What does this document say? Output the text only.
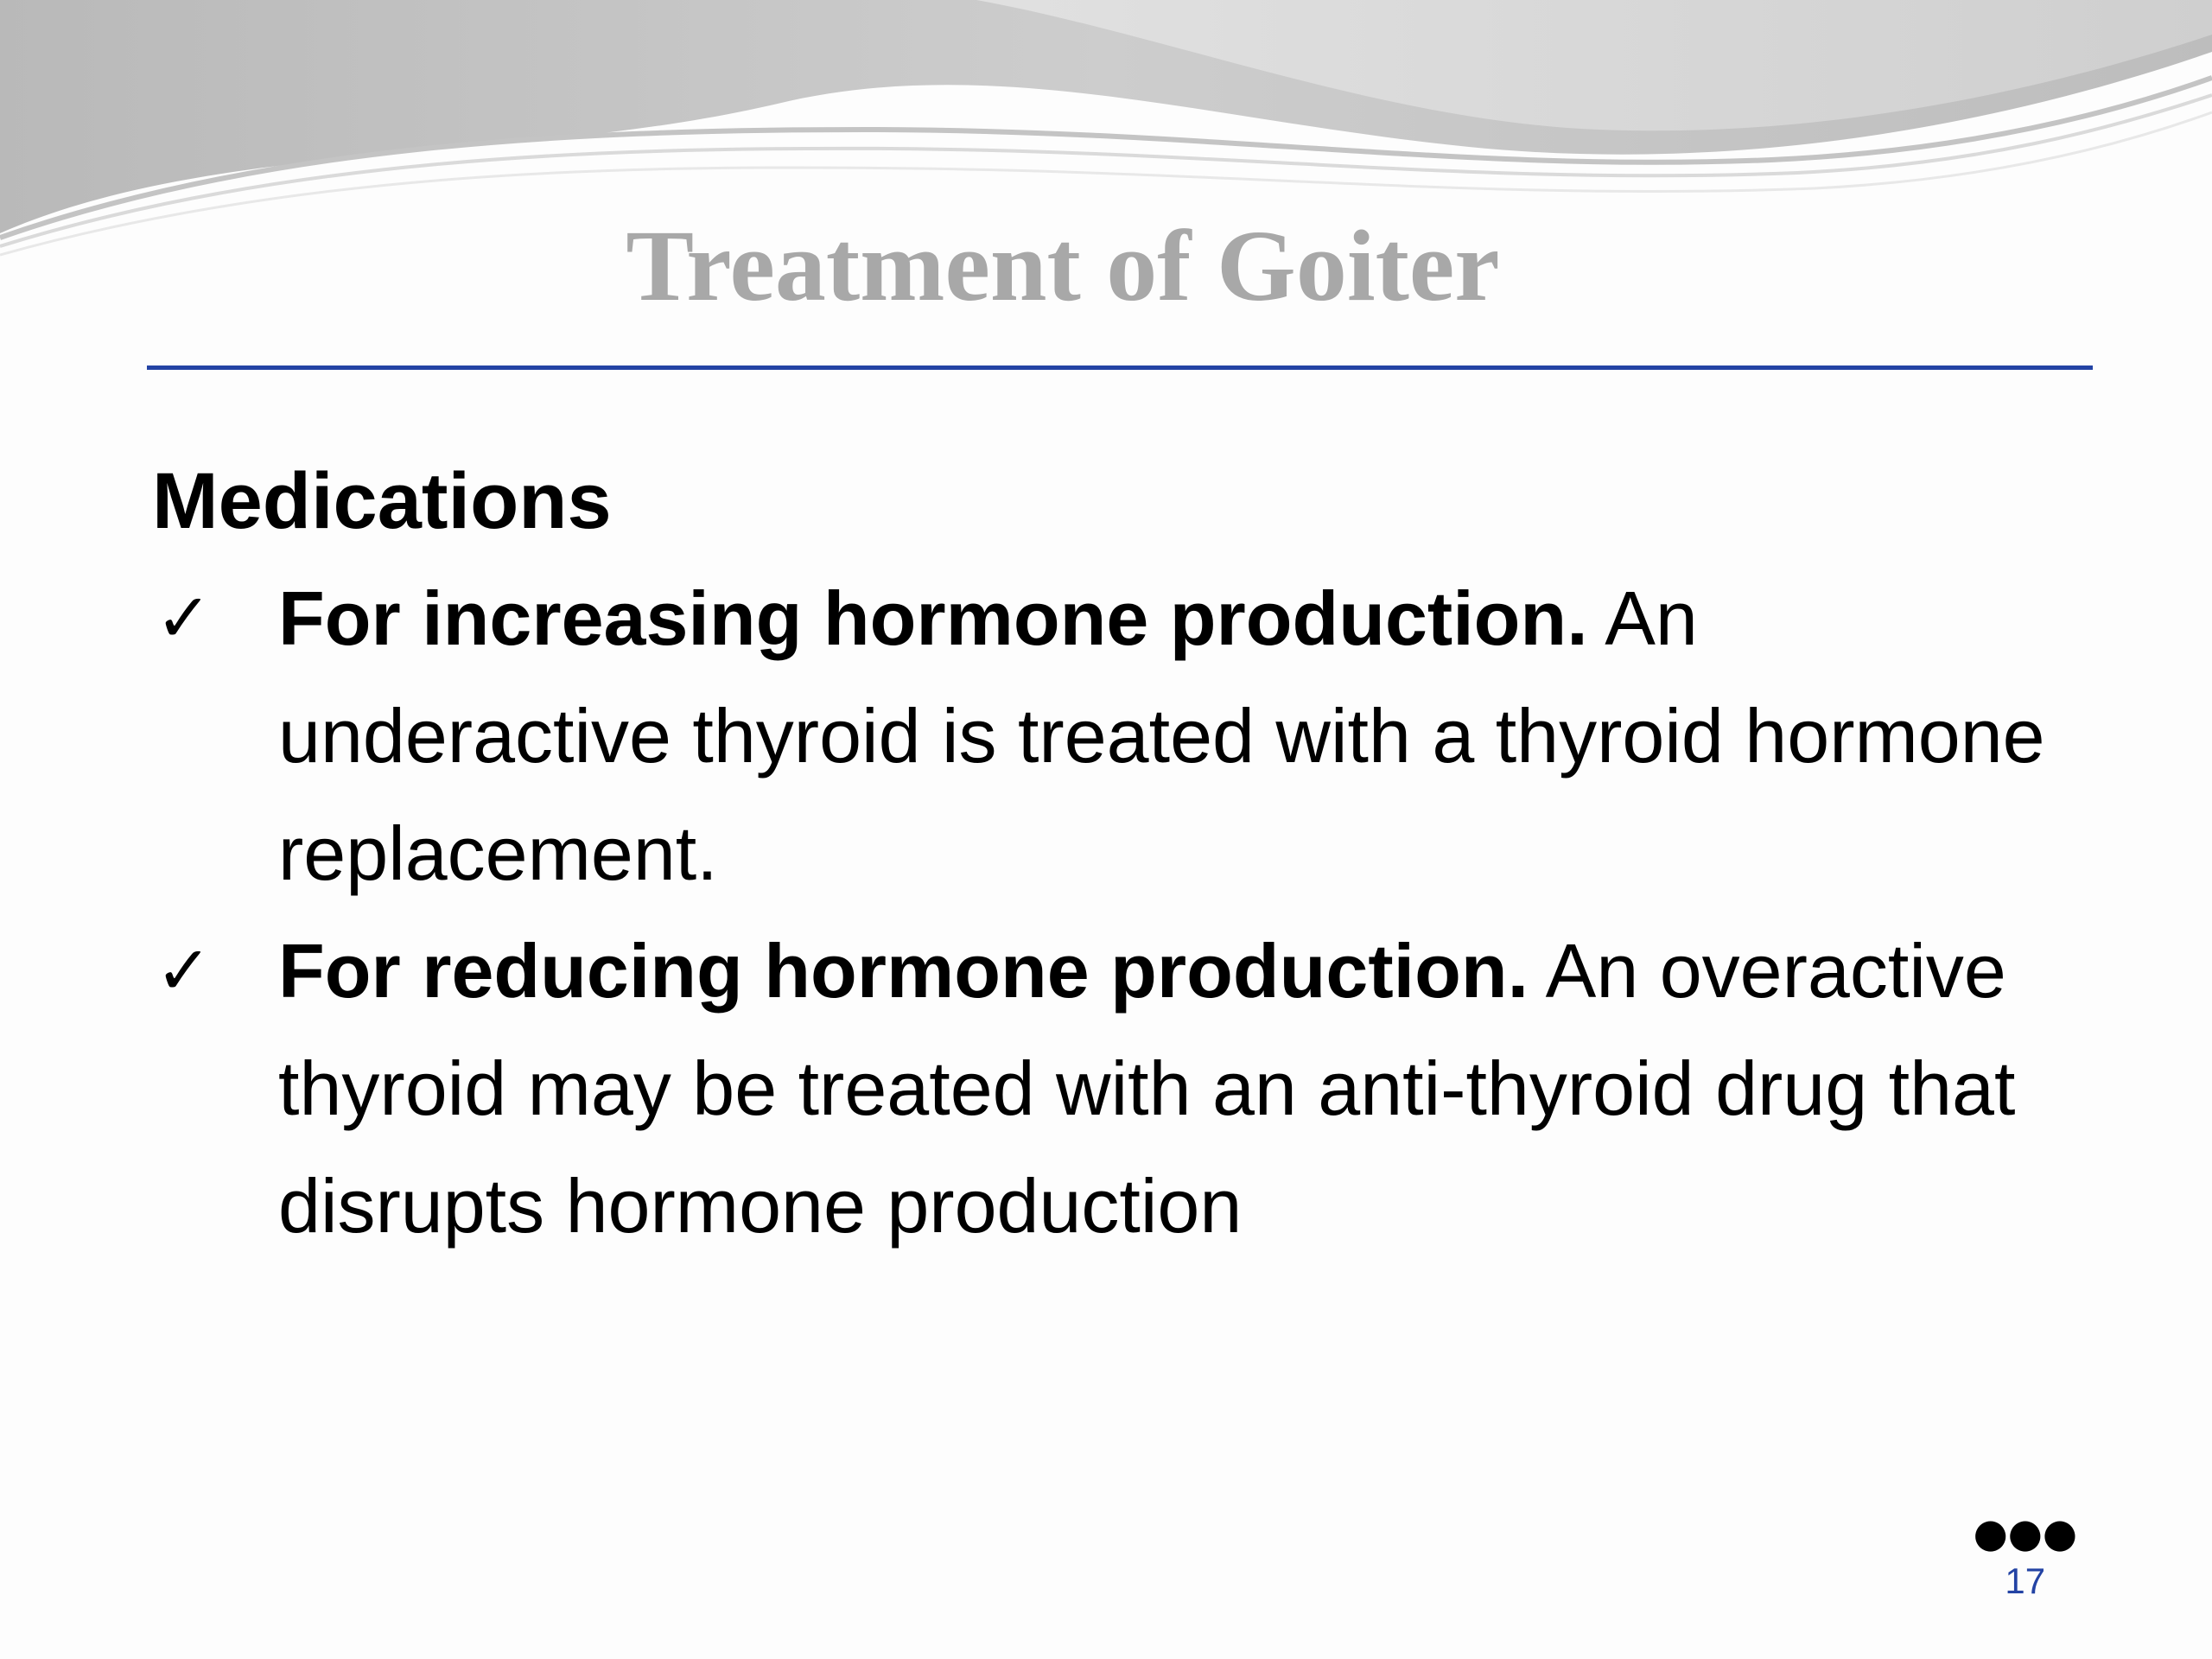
Treatment of Goiter

Medications

✓ For increasing hormone production. An underactive thyroid is treated with a thyroid hormone replacement.
✓ For reducing hormone production. An overactive thyroid may be treated with an anti-thyroid drug that disrupts hormone production
●●●
17
